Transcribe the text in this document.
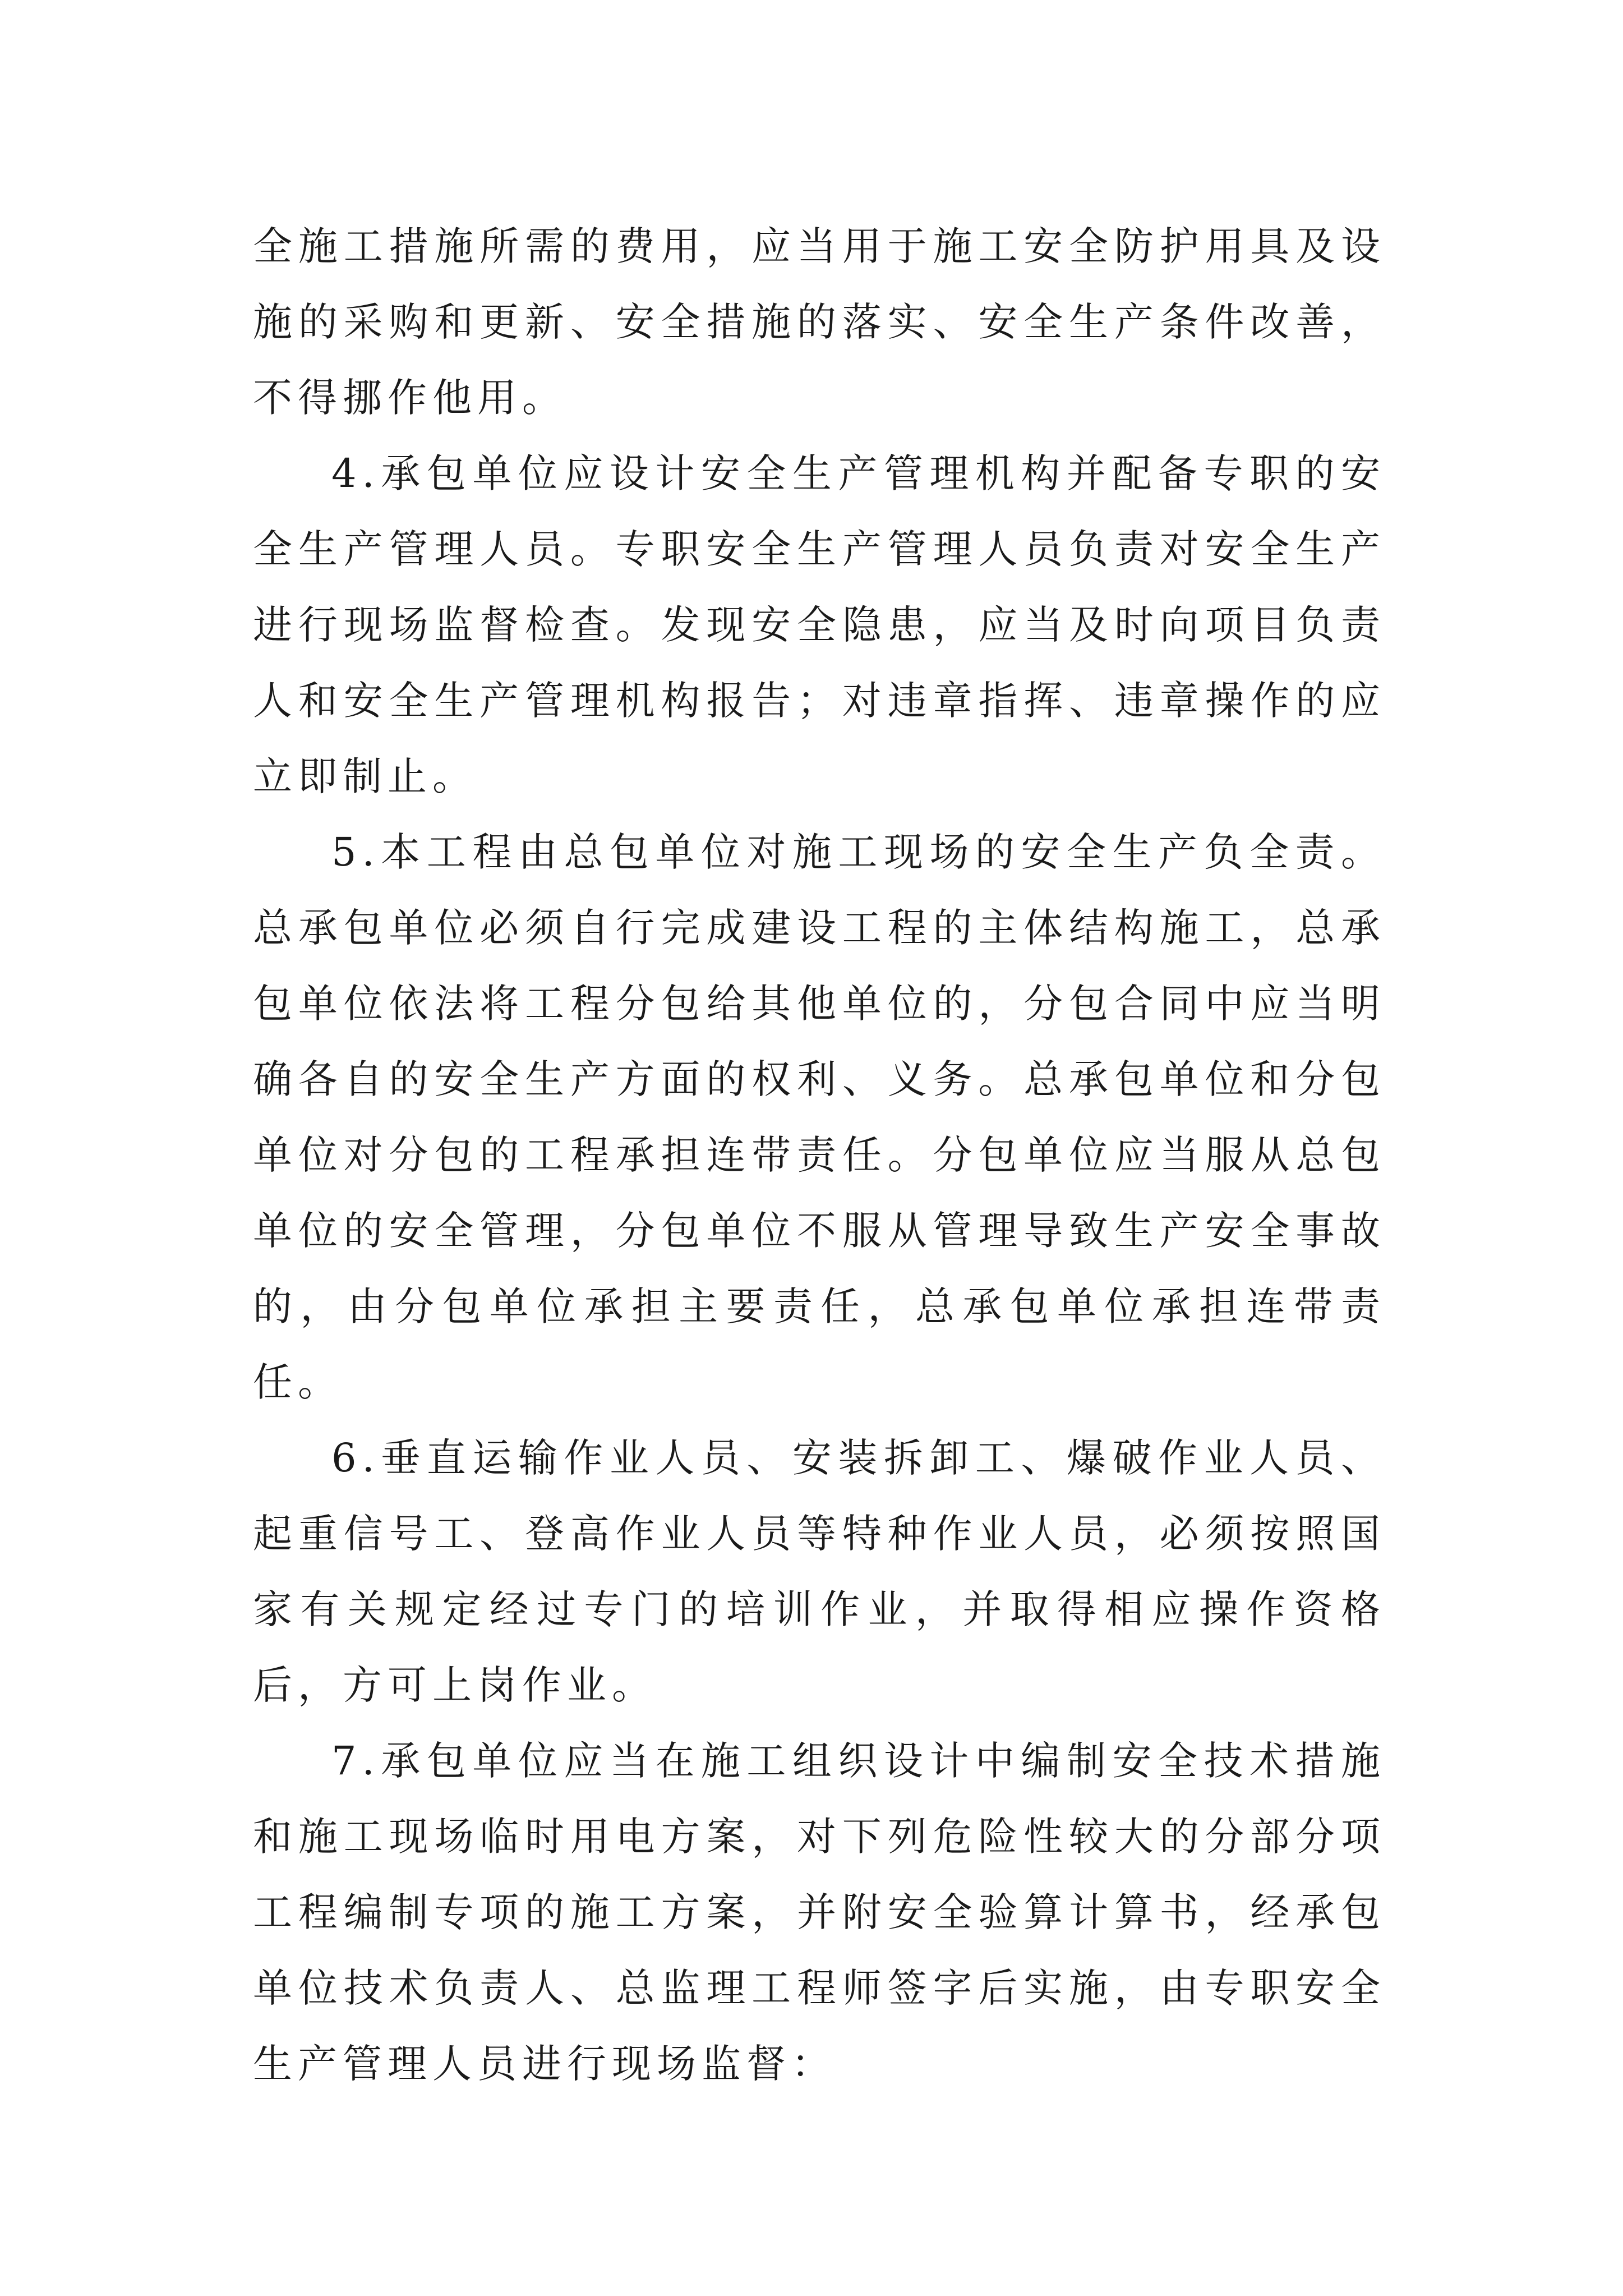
全施工措施所需的费用，应当用于施工安全防护用具及设施的采购和更新、安全措施的落实、安全生产条件改善，不得挪作他用。

4.承包单位应设计安全生产管理机构并配备专职的安全生产管理人员。专职安全生产管理人员负责对安全生产进行现场监督检查。发现安全隐患，应当及时向项目负责人和安全生产管理机构报告；对违章指挥、违章操作的应立即制止。

5.本工程由总包单位对施工现场的安全生产负全责。总承包单位必须自行完成建设工程的主体结构施工，总承包单位依法将工程分包给其他单位的，分包合同中应当明确各自的安全生产方面的权利、义务。总承包单位和分包单位对分包的工程承担连带责任。分包单位应当服从总包单位的安全管理，分包单位不服从管理导致生产安全事故的，由分包单位承担主要责任，总承包单位承担连带责任。

6.垂直运输作业人员、安装拆卸工、爆破作业人员、起重信号工、登高作业人员等特种作业人员，必须按照国家有关规定经过专门的培训作业，并取得相应操作资格后，方可上岗作业。

7.承包单位应当在施工组织设计中编制安全技术措施和施工现场临时用电方案，对下列危险性较大的分部分项工程编制专项的施工方案，并附安全验算计算书，经承包单位技术负责人、总监理工程师签字后实施，由专职安全生产管理人员进行现场监督：
